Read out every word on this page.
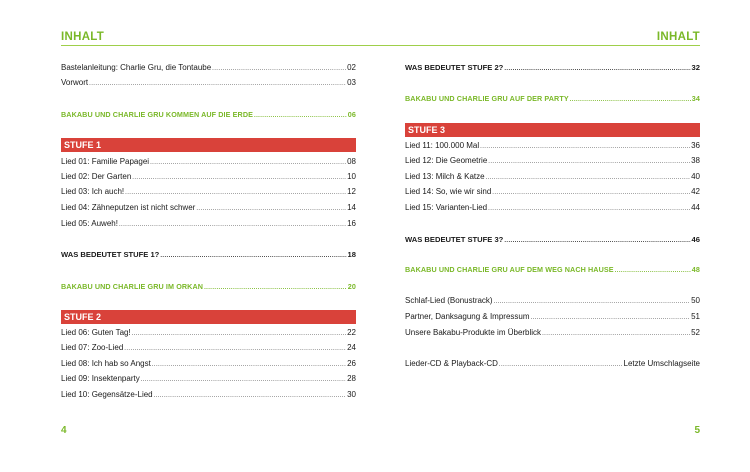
INHALT
Bastelanleitung: Charlie Gru, die Tontaube .....	02
Vorwort .....	03
BAKABU UND CHARLIE GRU KOMMEN AUF DIE ERDE .....	06
STUFE 1
Lied 01: Familie Papagei .....	08
Lied 02: Der Garten .....	10
Lied 03: Ich auch! .....	12
Lied 04: Zähneputzen ist nicht schwer .....	14
Lied 05: Auweh! .....	16
WAS BEDEUTET STUFE 1? .....	18
BAKABU UND CHARLIE GRU IM ORKAN .....	20
STUFE 2
Lied 06: Guten Tag! .....	22
Lied 07: Zoo-Lied .....	24
Lied 08: Ich hab so Angst .....	26
Lied 09: Insektenparty .....	28
Lied 10: Gegensätze-Lied .....	30
4
INHALT
WAS BEDEUTET STUFE 2? .....	32
BAKABU UND CHARLIE GRU AUF DER PARTY .....	34
STUFE 3
Lied 11: 100.000 Mal .....	36
Lied 12: Die Geometrie .....	38
Lied 13: Milch & Katze .....	40
Lied 14: So, wie wir sind .....	42
Lied 15: Varianten-Lied .....	44
WAS BEDEUTET STUFE 3? .....	46
BAKABU UND CHARLIE GRU AUF DEM WEG NACH HAUSE .....	48
Schlaf-Lied (Bonustrack) .....	50
Partner, Danksagung & Impressum .....	51
Unsere Bakabu-Produkte im Überblick .....	52
Lieder-CD & Playback-CD .....	Letzte Umschlagseite
5
